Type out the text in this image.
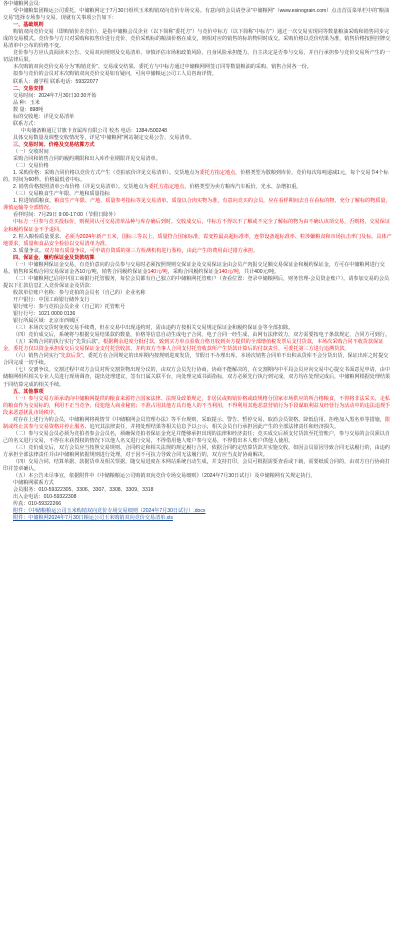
各中储粮网会员：

受中储粮集团粮运公司委托，中储粮网定于7月30日组织玉米购销双向竞价专场交易。有意向的会员请登录“中储粮网”（www.esinograin.com）点击首页菜单栏中的“粮油交易”选择专场参与交易。现就有关事项公告如下：

一、基础规则

购销双向竞价交易（即购销价差竞价），是指中储粮会员企业（以下简称“委托方”）与竞价中标方（以下简称“中标方”）通过一次交易实现同等数量粮油采购和销售同步完成的交易模式。竞价参与方只对采购和拟售价进行竞价，竞价采购标的粮油价格在成交，则相对应的销售的标的物同时成交。采购价格以竞价结果为准，销售价格按照挂牌交易清单中公布的价格不变。

竞价参与方应认真阅读本公告、交易双向规则及交易清单、审慎评估市场和政策风险、自身风险承担能力。自主决定是否参与交易，并自行承担参与竞价交易所产生的一切法律后果。

本次购销双向竞价交易分为“购销竞价”、交易成交结果、委托方与中标方通过中储粮网网签订同等数量粮油的采购、销售合同各一份。

拟参与竞价的会员对本次购销双向竞价交易如有疑问，可向中储粮运公司工人员咨询详情。

联系人：谢学程 联系电话：59322077

二、交易安排

交易时间：2024年7月30日10:30开始

品 种：玉米

数 量：898吨

标的交收地：详见交易清单

联系方式：

中央储备粮通辽甘旗卡直属库有限公司 校杰 电话：1384√500248

具体交易数量及调整交收情况等，详见“中储粮网”网站制定交易公告、交易清单。

三、交易时间、价格及交易结算方式

（一）交收时间

采购合同和销售合同的履约期限和出入库作业期限详见交易清单。

（二）交易价格

1. 采购价格：采购合同价格以竞价方式产生（竞拍底价详见交易清单）。交货地点为委托方指定地点，价格类型为散粮到库价。竞价每次每吨递减1元，每个交易节4个标的，时间为60秒。价格最低者中标。

2. 销售价格按照清单公布价格（详见交易清单）。交货地点为委托方指定地点，价格类型为卖方粮库汽车板价。光水、杂增扣重。

（三）交易粮食生产年限、产地和质量指标

1. 粒进销质粮食。粮食生产年限、产地、质量参考指标等见交易清单。质量以合肉实物为准，有意向竞买的会员，应在看样期间去自在看标的物、充分了解标的物质量，谨慎运输等全部情况。

看样时间：7月29日 9:00-17:00（节假日除外）

中标方一旦参与竞买投标价，则视同认可交易清单品种与库存确后到时。交收成交后，中标方不得以不了解或不完全了解标的物为由不确认该项交易，否则将，交易保证金和履约保证金不予退回。

2. 粒入粮检质量要求。必须为2024年新产玉米，国标三等以上，质量符合国家标准，霉变粒最高超标准率，连带设备超标准率、粒涉嫌粮食和市场抗击率门及标。具体产地要求，质量和食品安全检验以交易清单为准。

3. 质量争议。双方如有质量争议，可申请有资质的第三方检测机构进行鉴检，由此产生的费用由过错方承担。

四、保证金、履约保证金及货款结算

（一）中储粮网保证金交易，有竞价意向的会员参与交易时必须按照规则交保证金及交易保证金由会员产肉报交足额交易保证金和履约保证金，方可在中储粮网进行交易。销售和采购合同交易保证金各10元/吨，销售合同履约保证金140元/吨，采购合同履约保证金140元/吨，共计400元/吨。

（二）中储粮网已启用中国工商银行托管服务，每位会员都有自己独立的中储粮网托管账户（查看位置：登录中储粮网后，财务管理-会员资金账户）。请参加交易的会员提以下汇款信息汇入竞价保证金及货款：

收款单位账户名称：参与竞拍的会员名（自己的）企业名称

开户银行：中国工商银行储外支行

银行账号：参与竞拍会员企业（自己的）托管账号

银行行号：1021 0000 0136

银行所属区域：北京市西城区

（三）本场次交货时免收交易手续费，但在交易中出现违约时，需由违约方按相关交易规定保证金和履约保证金等全部扣除。

（四）竞价成交后，系统将与根据交易结果款的数量，价格等信息自动生成电子合同。电子合同一经生成，由网有法律效力，双方需要按电子条款规定，合同方可到行。

（五）采购合同的执行实行“先货后款”。根据剩余进度分批付款，致到买方单点验收合格且收到卖方提供的全部增值税发票后支付货款，本场次采购合同不收货款保证金，委托方仅以资金承担成交后交易保证金支付托管收款、并约双方当事人合同支付托管收款所产生货款计算后的付款责任，可委托第三方进行追溯货款。

（六）销售合同实行“先款后货”。委托方在合同规定的出库期内按规则进度发货，节假日不办理出库。本场次销售合同单不出积从货库不会分货出货，保证出库之时提交合同完成一切手续。

（七）交割争议。交割过程中双方会员对所交割货物出现分议的，由双方会员先行协商，协商不能解决的，在交割期内中平局会员应向交易中心提交书面意见申请，由中储粮网组织相关专业人员进行现场调查，提出处理建议，签有日属关联平台，向处理完成书面指标，双方必须先行执行到完成，双方均在处理完成后，中储粮网根据处理结果于同结算完成的相关手续。

五、其他事项

（一）参与交易方须承诺向中储粮网提供的粮食来源符合国家法律、法规及政策规定，非居民或购销价格或政规格分国家市场供应的所合格粮食，不得将非法采买、走私的粮食作为交易标的，利用不正当竞争，侵犯他人商业秘密；不准占用其他方具有他人的不当利用，不得利用其他恶意营销行为手段谋取利益及经营行为活动中的违法违规手段来恶意扰乱市场秩序。

对存在上述行为的会员，中储粮网将视情节《中储粮网会员管理办法》等平台规则，采取提示、警告、暂停交易、取消会员资格、降低信用、拒绝加入黑名单等措施，限制或终止其参与交易资格并停止服务、追究其法律责任，并将处理结果等相关信息予以公示，相关会员自行承担因此产生的全部法律责任和经济损失。

（二）参与交易会员必须为竞拍者参会会员名，须确保竞拍者保证金充足并能够承担出现的法律和经济责任；竞买成交后须支付货款至托管账户，参与交易的会员须以自己的名义进行交易，不得在未获授权的情况下以他人名义进行交易，不得借用他人账户参与交易，不得借出本人账户供他人使用。

（三）竞价成交后，双方会员应当按照交易规则、合同约定和相关法规的规定履行合同，依据合同约定结算货款并实施交收，如因会员原因导致合同无法履行的，由违约方承担全部法律责任并由中储粮网依据规则进行处理，对于因不可抗力导致合同无法履行的，双方应当友好协商解决。

（四）交易合同、结算单据、款据货单及相关票据，随交易进度在本网站系统自动生成，并支持打印，会员可根据需要查看或下载，需要纸质合同的，由双方自行协商打印并签章确认。

（五）本公告未尽事宜，依据附件中《中储粮粮运公司购销双向竞价专场交易细则》（2024年7月30日试行）及中储粮网有关规定执行。

中储粮网联系方式

会员服务：010-59322305、3306、3307、3308、3309、3318

出入金电话：010-59322308

传真：010-59322266

附件：《中储粮粮运公司玉米购销双向竞价专场交易细则（2024年7月30日试行）.docx

附件：中储粮网2024年7月30日粮运公司玉米购销双向竞价交易清单.xls
